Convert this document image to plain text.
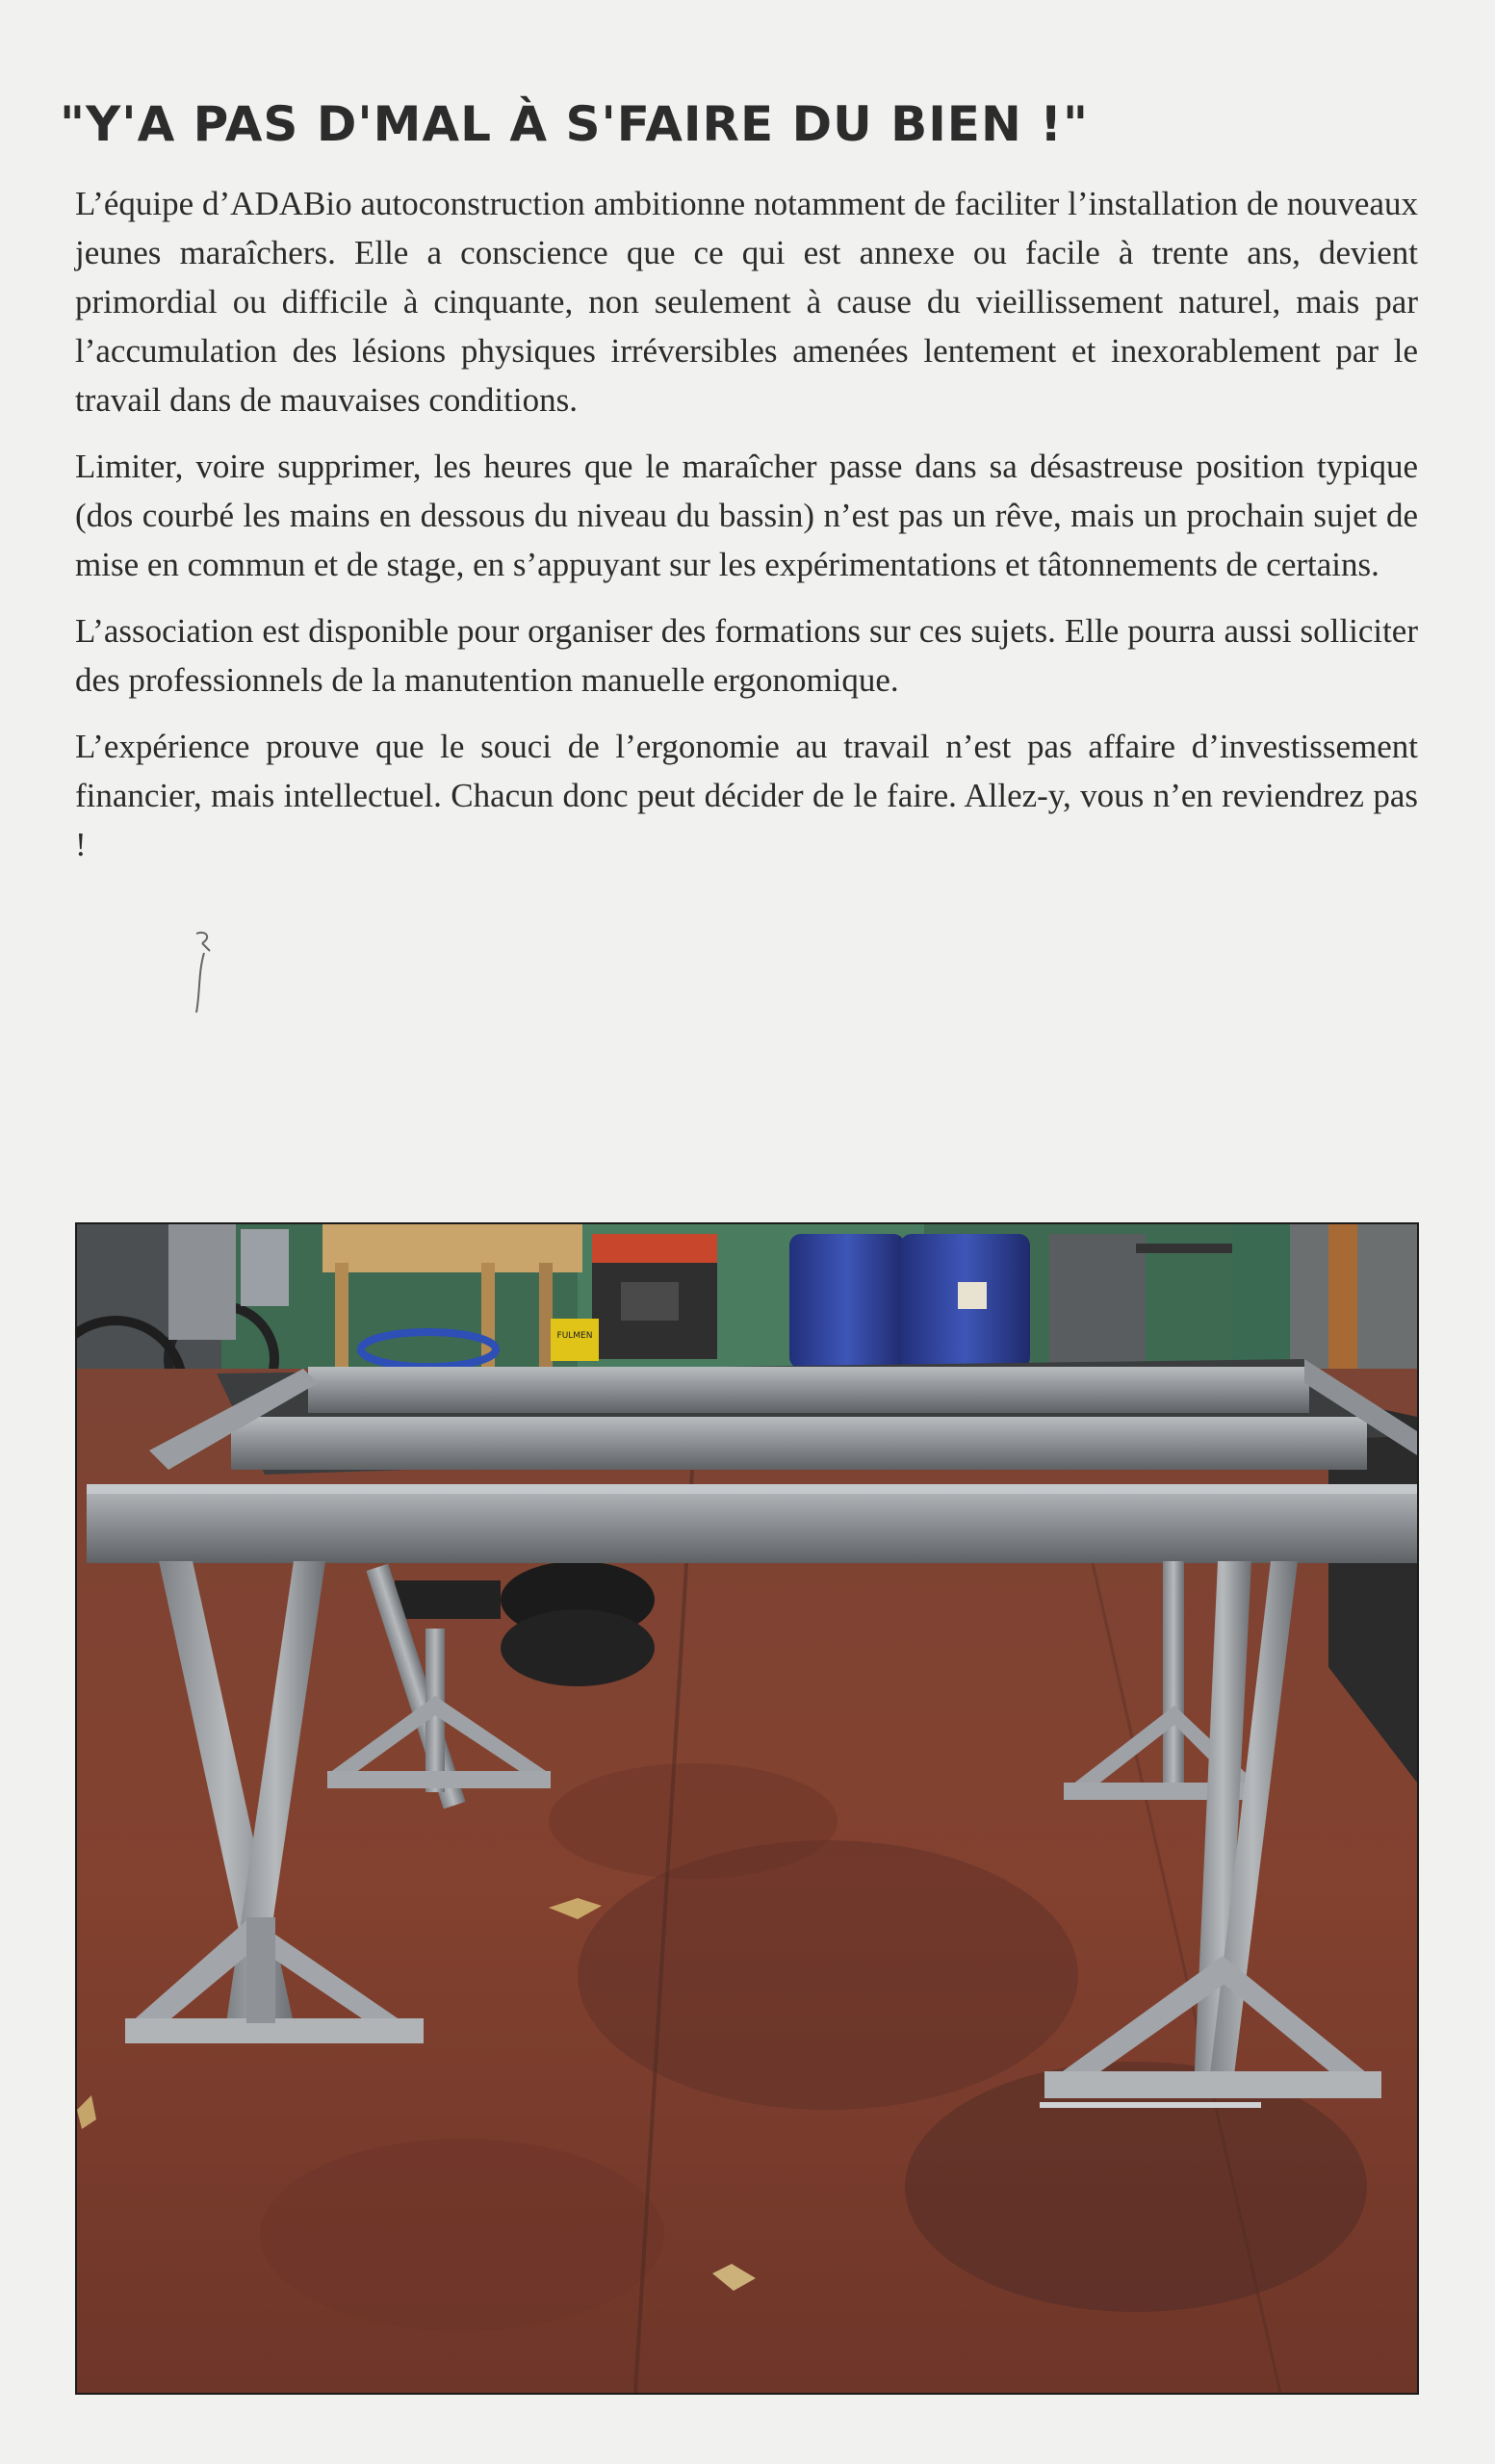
"Y'A PAS D'MAL À S'FAIRE DU BIEN !"

L’équipe d’ADABio autoconstruction ambitionne notamment de faciliter l’installation de nouveaux jeunes maraîchers. Elle a conscience que ce qui est annexe ou facile à trente ans, devient primordial ou difficile à cinquante, non seulement à cause du vieillissement naturel, mais par l’accumulation des lésions physiques irréversibles amenées lentement et inexorablement par le travail dans de mauvaises conditions.

Limiter, voire supprimer, les heures que le maraîcher passe dans sa désastreuse position typique (dos courbé les mains en dessous du niveau du bassin) n’est pas un rêve, mais un prochain sujet de mise en commun et de stage, en s’appuyant sur les expérimentations et tâtonnements de certains.

L’association est disponible pour organiser des formations sur ces sujets. Elle pourra aussi solliciter des professionnels de la manutention manuelle ergonomique.

L’expérience prouve que le souci de l’ergonomie au travail n’est pas affaire d’investissement financier, mais intellectuel. Chacun donc peut décider de le faire. Allez-y, vous n’en reviendrez pas !

FULMEN
